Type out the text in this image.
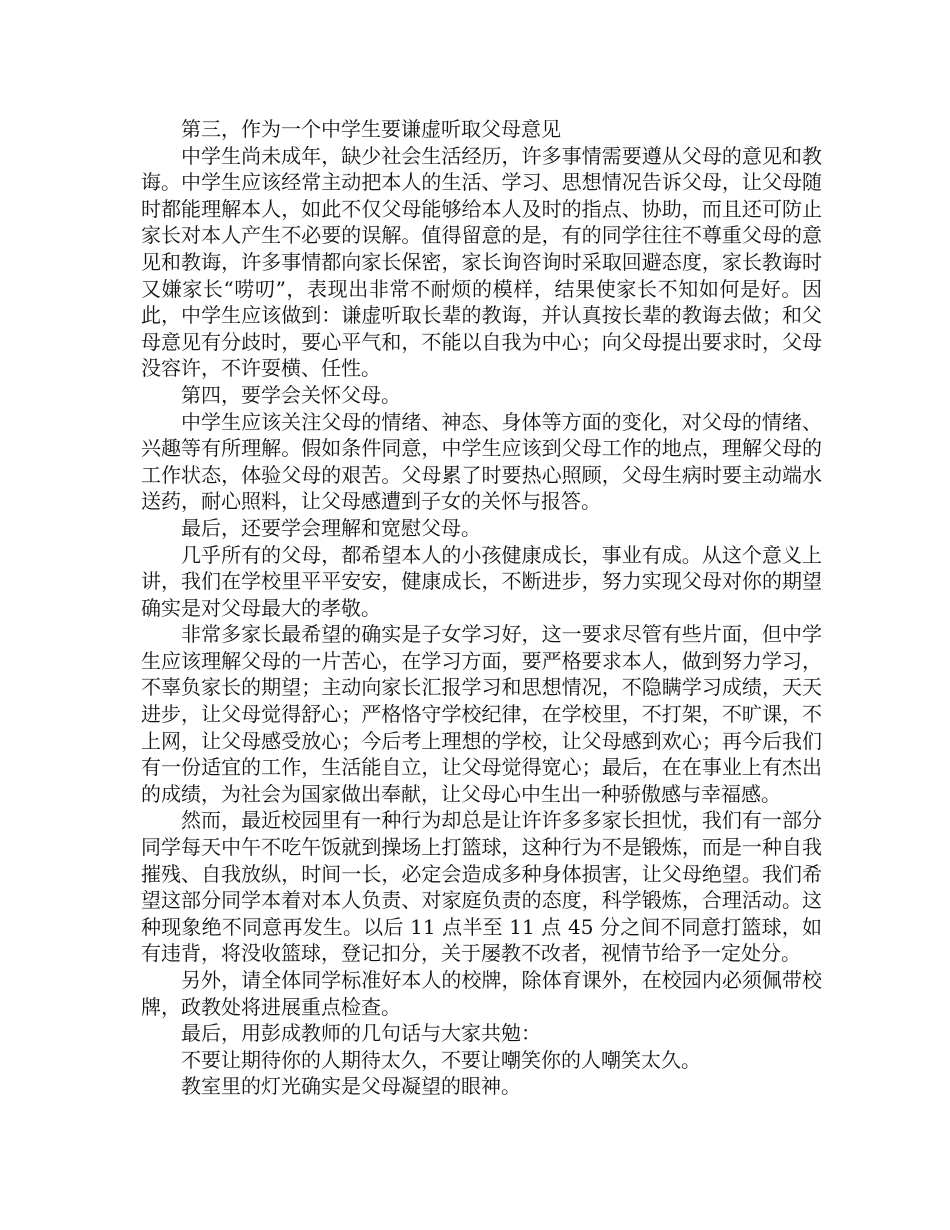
第三，作为一个中学生要谦虚听取父母意见

中学生尚未成年，缺少社会生活经历，许多事情需要遵从父母的意见和教诲。中学生应该经常主动把本人的生活、学习、思想情况告诉父母，让父母随时都能理解本人，如此不仅父母能够给本人及时的指点、协助，而且还可防止家长对本人产生不必要的误解。值得留意的是，有的同学往往不尊重父母的意见和教诲，许多事情都向家长保密，家长询咨询时采取回避态度，家长教诲时又嫌家长“唠叨”，表现出非常不耐烦的模样，结果使家长不知如何是好。因此，中学生应该做到：谦虚听取长辈的教诲，并认真按长辈的教诲去做；和父母意见有分歧时，要心平气和，不能以自我为中心；向父母提出要求时，父母没容许，不许耍横、任性。

第四，要学会关怀父母。

中学生应该关注父母的情绪、神态、身体等方面的变化，对父母的情绪、兴趣等有所理解。假如条件同意，中学生应该到父母工作的地点，理解父母的工作状态，体验父母的艰苦。父母累了时要热心照顾，父母生病时要主动端水送药，耐心照料，让父母感遭到子女的关怀与报答。

最后，还要学会理解和宽慰父母。

几乎所有的父母，都希望本人的小孩健康成长，事业有成。从这个意义上讲，我们在学校里平平安安，健康成长，不断进步，努力实现父母对你的期望确实是对父母最大的孝敬。

非常多家长最希望的确实是子女学习好，这一要求尽管有些片面，但中学生应该理解父母的一片苦心，在学习方面，要严格要求本人，做到努力学习，不辜负家长的期望；主动向家长汇报学习和思想情况，不隐瞒学习成绩，天天进步，让父母觉得舒心；严格恪守学校纪律，在学校里，不打架，不旷课，不上网，让父母感受放心；今后考上理想的学校，让父母感到欢心；再今后我们有一份适宜的工作，生活能自立，让父母觉得宽心；最后，在在事业上有杰出的成绩，为社会为国家做出奉献，让父母心中生出一种骄傲感与幸福感。

然而，最近校园里有一种行为却总是让许许多多家长担忧，我们有一部分同学每天中午不吃午饭就到操场上打篮球，这种行为不是锻炼，而是一种自我摧残、自我放纵，时间一长，必定会造成多种身体损害，让父母绝望。我们希望这部分同学本着对本人负责、对家庭负责的态度，科学锻炼，合理活动。这种现象绝不同意再发生。以后 11 点半至 11 点 45 分之间不同意打篮球，如有违背，将没收篮球，登记扣分，关于屡教不改者，视情节给予一定处分。

另外，请全体同学标准好本人的校牌，除体育课外，在校园内必须佩带校牌，政教处将进展重点检查。

最后，用彭成教师的几句话与大家共勉：

不要让期待你的人期待太久，不要让嘲笑你的人嘲笑太久。

教室里的灯光确实是父母凝望的眼神。
